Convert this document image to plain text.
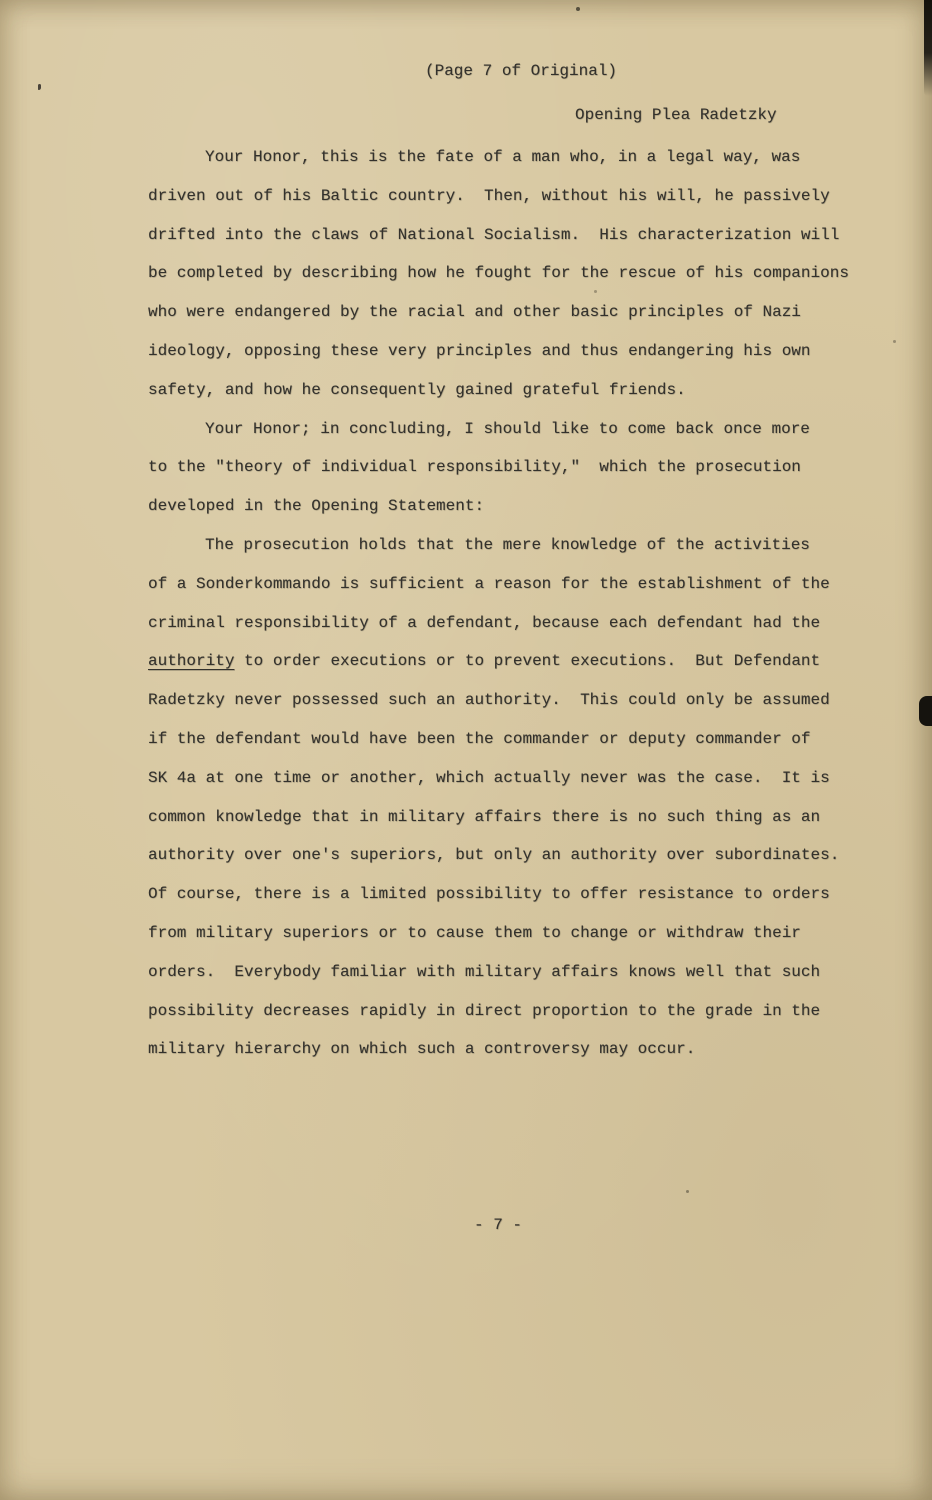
(Page 7 of Original)
Opening Plea Radetzky
Your Honor, this is the fate of a man who, in a legal way, was
driven out of his Baltic country.  Then, without his will, he passively
drifted into the claws of National Socialism.  His characterization will
be completed by describing how he fought for the rescue of his companions
who were endangered by the racial and other basic principles of Nazi
ideology, opposing these very principles and thus endangering his own
safety, and how he consequently gained grateful friends.
Your Honor; in concluding, I should like to come back once more
to the "theory of individual responsibility,"  which the prosecution
developed in the Opening Statement:
The prosecution holds that the mere knowledge of the activities
of a Sonderkommando is sufficient a reason for the establishment of the
criminal responsibility of a defendant, because each defendant had the
authority to order executions or to prevent executions.  But Defendant
Radetzky never possessed such an authority.  This could only be assumed
if the defendant would have been the commander or deputy commander of
SK 4a at one time or another, which actually never was the case.  It is
common knowledge that in military affairs there is no such thing as an
authority over one's superiors, but only an authority over subordinates.
Of course, there is a limited possibility to offer resistance to orders
from military superiors or to cause them to change or withdraw their
orders.  Everybody familiar with military affairs knows well that such
possibility decreases rapidly in direct proportion to the grade in the
military hierarchy on which such a controversy may occur.
- 7 -
